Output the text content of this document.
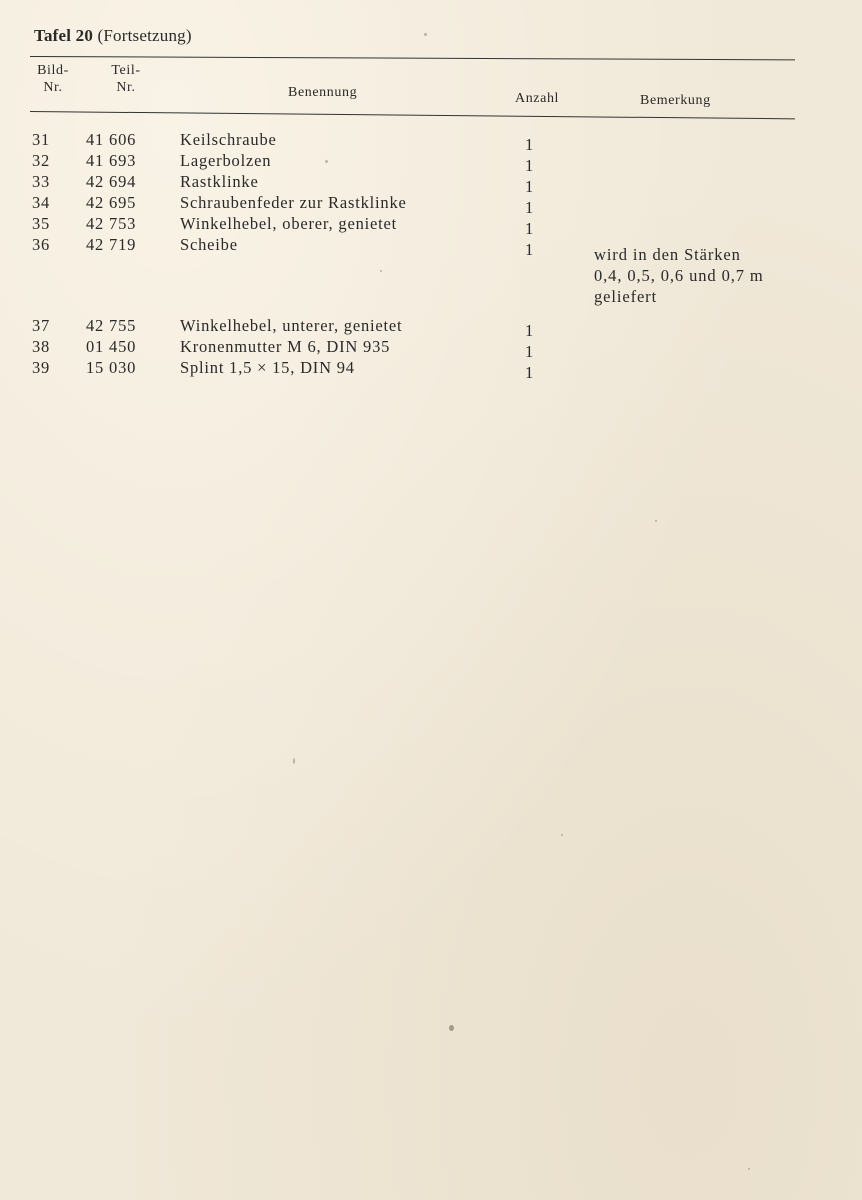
Tafel 20 (Fortsetzung)
Bild-
Nr.
Teil-
Nr.	Benennung	Anzahl	Bemerkung
31 41 606	Keilschraube	1
32 41 693	Lagerbolzen	1
33 42 694	Rastklinke	1
34 42 695	Schraubenfeder zur Rastklinke	1
35 42 753	Winkelhebel, oberer, genietet	1
36 42 719	Scheibe	1	wird in den Stärken
0,4, 0,5, 0,6 und 0,7 m
geliefert
37 42 755	Winkelhebel, unterer, genietet	1
38 01 450	Kronenmutter M 6, DIN 935	1
39 15 030	Splint 1,5 × 15, DIN 94	1
